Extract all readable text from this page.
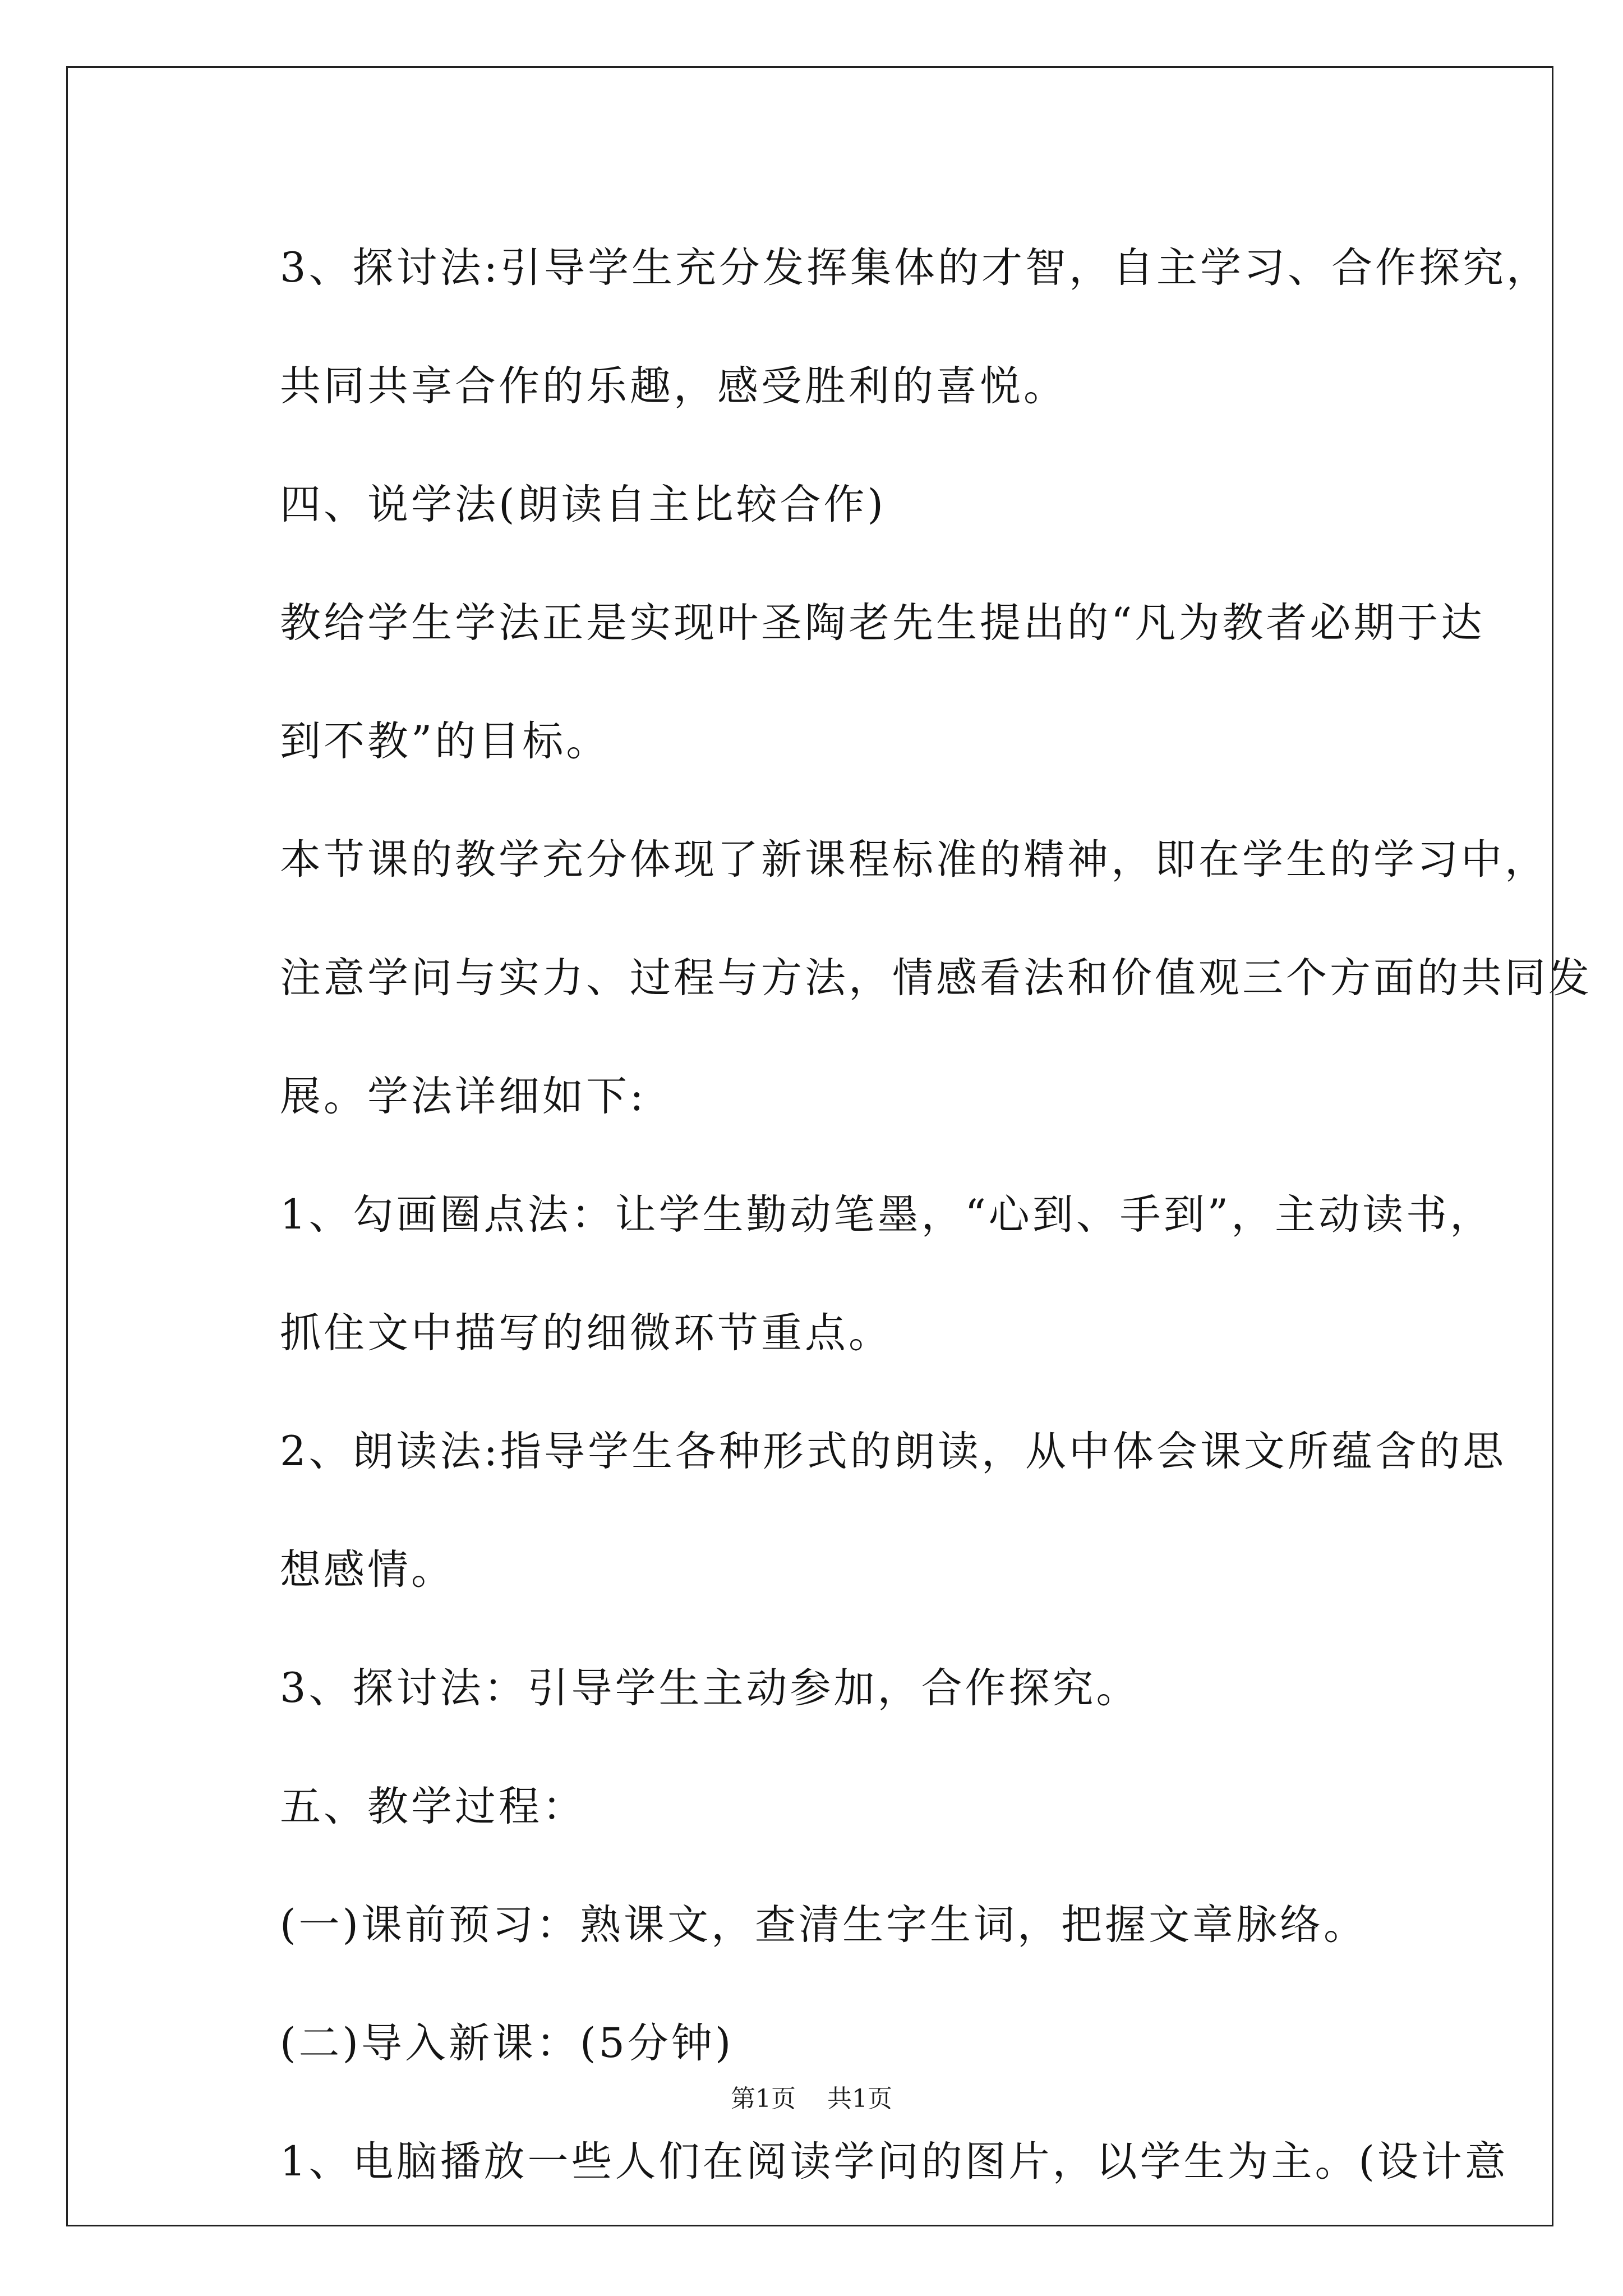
3、探讨法:引导学生充分发挥集体的才智，自主学习、合作探究，
共同共享合作的乐趣，感受胜利的喜悦。

四、说学法(朗读自主比较合作)

教给学生学法正是实现叶圣陶老先生提出的“凡为教者必期于达
到不教”的目标。

本节课的教学充分体现了新课程标准的精神，即在学生的学习中，
注意学问与实力、过程与方法，情感看法和价值观三个方面的共同发
展。学法详细如下:

1、勾画圈点法：让学生勤动笔墨，“心到、手到”，主动读书，
抓住文中描写的细微环节重点。

2、朗读法:指导学生各种形式的朗读，从中体会课文所蕴含的思
想感情。

3、探讨法：引导学生主动参加，合作探究。

五、教学过程：

(一)课前预习：熟课文，查清生字生词，把握文章脉络。

(二)导入新课：(5分钟)

1、电脑播放一些人们在阅读学问的图片，以学生为主。(设计意

第1页 共1页
